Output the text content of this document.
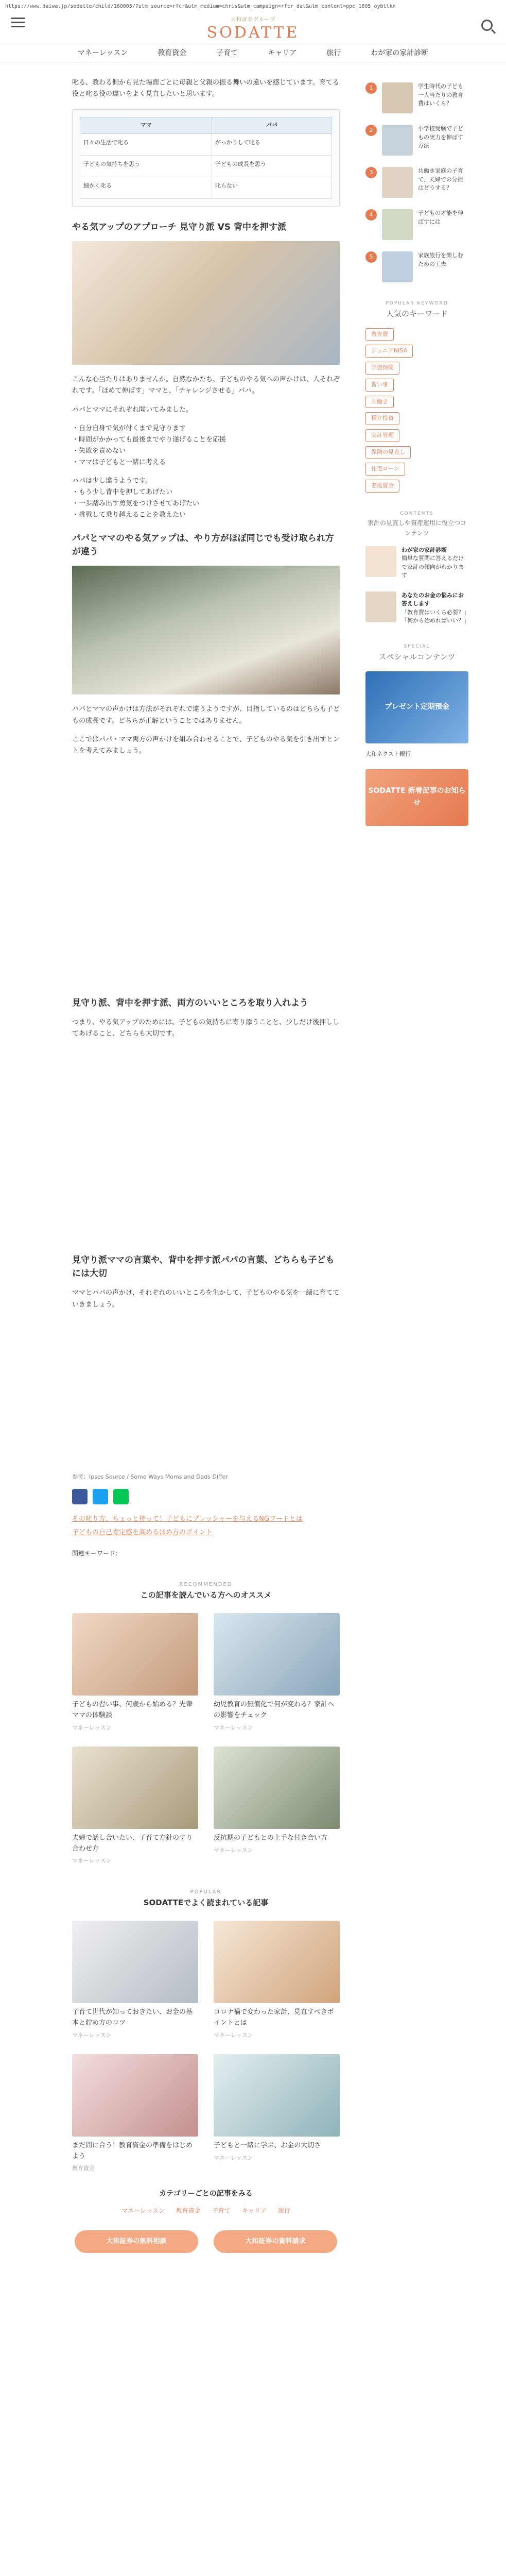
https://www.daiwa.jp/sodatte/child/160005/?utm_source=rfcr&utm_medium=chris&utm_campaign=rfcr_dat&utm_content=ppc_1605_oybttkn
大和証券グループ
SODATTE
マネーレッスン	教育資金	子育て	キャリア	旅行	わが家の家計診断

叱る、教わる側から見た場面ごとに母親と父親の振る舞いの違いを感じています。育てる役と叱る役の違いをよく見直したいと思います。

ママ	パパ
日々の生活で叱る	がっかりして叱る
子どもの気持ちを思う	子どもの成長を思う
細かく叱る	叱らない
やる気アップのアプローチ 見守り派 VS 背中を押す派

こんな心当たりはありませんか。自然なかたち、子どものやる気への声かけは、人それぞれです。「ほめて伸ばす」ママと、「チャレンジさせる」パパ。

パパとママにそれぞれ聞いてみました。

・自分自身で気が付くまで見守ります
・時間がかかっても最後までやり遂げることを応援
・失敗を責めない
・ママは子どもと一緒に考える

パパは少し違うようです。
・もう少し背中を押してあげたい
・一歩踏み出す勇気をつけさせてあげたい
・挑戦して乗り越えることを教えたい

パパとママのやる気アップは、やり方がほぼ同じでも受け取られ方が違う

パパとママの声かけは方法がそれぞれで違うようですが、目指しているのはどちらも子どもの成長です。どちらが正解ということではありません。

ここではパパ・ママ両方の声かけを組み合わせることで、子どものやる気を引き出すヒントを考えてみましょう。

見守り派、背中を押す派、両方のいいところを取り入れよう

つまり、やる気アップのためには、子どもの気持ちに寄り添うことと、少しだけ後押ししてあげること、どちらも大切です。

見守り派ママの言葉や、背中を押す派パパの言葉、どちらも子どもには大切

ママとパパの声かけ、それぞれのいいところを生かして、子どものやる気を一緒に育てていきましょう。

参考：Ipsos Source / Some Ways Moms and Dads Differ

その叱り方、ちょっと待って！子どもにプレッシャーを与えるNGワードとは
子どもの自己肯定感を高めるほめ方のポイント
関連キーワード：
RECOMMENDED
この記事を読んでいる方へのオススメ
子どもの習い事、何歳から始める？先輩ママの体験談
マネーレッスン
幼児教育の無償化で何が変わる？家計への影響をチェック
マネーレッスン
夫婦で話し合いたい、子育て方針のすり合わせ方
マネーレッスン
反抗期の子どもとの上手な付き合い方
マネーレッスン
POPULAR
SODATTEでよく読まれている記事
子育て世代が知っておきたい、お金の基本と貯め方のコツ
マネーレッスン
コロナ禍で変わった家計、見直すべきポイントとは
マネーレッスン
まだ間に合う！教育資金の準備をはじめよう
教育資金
子どもと一緒に学ぶ、お金の大切さ
マネーレッスン
カテゴリーごとの記事をみる
マネーレッスン 教育資金 子育て キャリア 旅行
大和証券の無料相談	大和証券の資料請求
1	学生時代の子ども一人当たりの教育費はいくら？
2	小学校受験で子どもの実力を伸ばす方法
3	共働き家庭の子育て、夫婦での分担はどうする？
4	子どもの才能を伸ばすには
5	家族旅行を楽しむための工夫
POPULAR KEYWORD
人気のキーワード
教育費
ジュニアNISA
学資保険
習い事
共働き
積立投資
家計管理
保険の見直し
住宅ローン
老後資金
CONTENTS
家計の見直しや資産運用に役立つコンテンツ
わが家の家計診断
簡単な質問に答えるだけで家計の傾向がわかります
あなたのお金の悩みにお答えします
「教育費はいくら必要？」「何から始めればいい？」
SPECIAL
スペシャルコンテンツ
プレゼント定期預金
大和ネクスト銀行
SODATTE 新着記事のお知らせ
